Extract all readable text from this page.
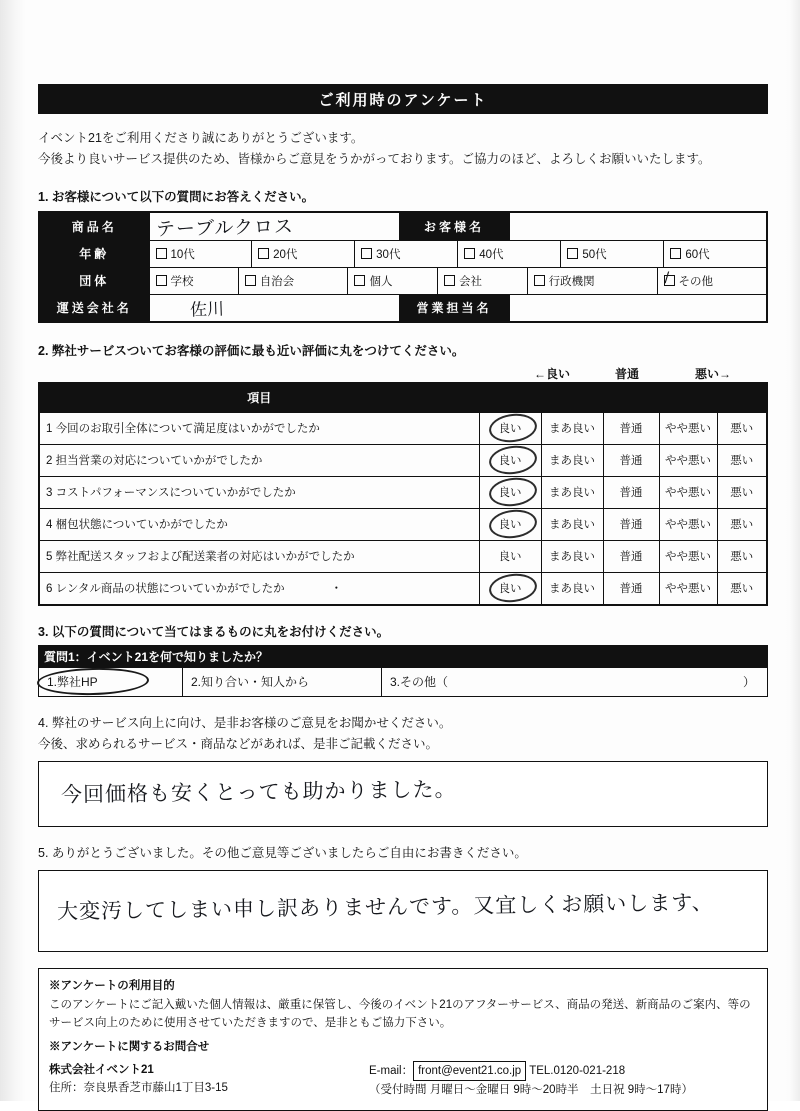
ご利用時のアンケート
イベント21をご利用くださり誠にありがとうございます。
今後より良いサービス提供のため、皆様からご意見をうかがっております。ご協力のほど、よろしくお願いいたします。
1. お客様について以下の質問にお答えください。
商品名	テーブルクロス	お客様名	
年齢		10代	20代	30代	40代	50代	60代

団体		学校	自治会	個人	会社	行政機関	その他
/

運送会社名	佐川	営業担当名	
2. 弊社サービスついてお客様の評価に最も近い評価に丸をつけてください。
←良い	普通	悪い→
項目					
1 今回のお取引全体について満足度はいかがでしたか	良い	まあ良い	普通	やや悪い	悪い
2 担当営業の対応についていかがでしたか	良い	まあ良い	普通	やや悪い	悪い
3 コストパフォーマンスについていかがでしたか	良い	まあ良い	普通	やや悪い	悪い
4 梱包状態についていかがでしたか	良い	まあ良い	普通	やや悪い	悪い
5 弊社配送スタッフおよび配送業者の対応はいかがでしたか	良い	まあ良い	普通	やや悪い	悪い
6 レンタル商品の状態についていかがでしたか　　　　・	良い	まあ良い	普通	やや悪い	悪い
3. 以下の質問について当てはまるものに丸をお付けください。
質問1：イベント21を何で知りましたか？
1.弊社HP	2.知り合い・知人から	3.その他（	）
4. 弊社のサービス向上に向け、是非お客様のご意見をお聞かせください。
今後、求められるサービス・商品などがあれば、是非ご記載ください。
今回価格も安くとっても助かりました。
5. ありがとうございました。その他ご意見等ございましたらご自由にお書きください。
大変汚してしまい申し訳ありませんです。又宜しくお願いします、
※アンケートの利用目的
このアンケートにご記入戴いた個人情報は、厳重に保管し、今後のイベント21のアフターサービス、商品の発送、新商品のご案内、等のサービス向上のために使用させていただきますので、是非ともご協力下さい。
※アンケートに関するお問合せ
株式会社イベント21
住所：奈良県香芝市藤山1丁目3-15
E-mail： front@event21.co.jp TEL.0120-021-218
（受付時間 月曜日～金曜日 9時～20時半　土日祝 9時～17時）
